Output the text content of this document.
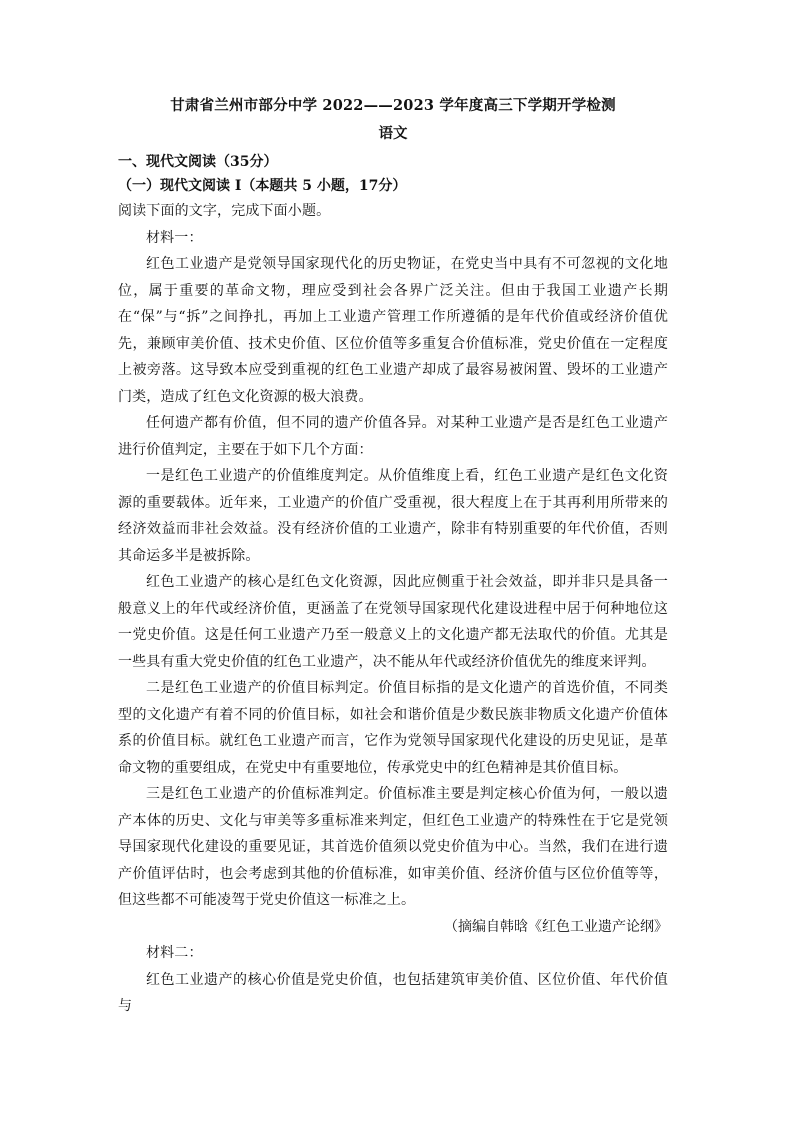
甘肃省兰州市部分中学 2022——2023 学年度高三下学期开学检测

语文

一、现代文阅读（35分）

（一）现代文阅读 I（本题共 5 小题，17分）

阅读下面的文字，完成下面小题。

材料一：

红色工业遗产是党领导国家现代化的历史物证，在党史当中具有不可忽视的文化地位，属于重要的革命文物，理应受到社会各界广泛关注。但由于我国工业遗产长期在“保”与“拆”之间挣扎，再加上工业遗产管理工作所遵循的是年代价值或经济价值优先，兼顾审美价值、技术史价值、区位价值等多重复合价值标准，党史价值在一定程度上被旁落。这导致本应受到重视的红色工业遗产却成了最容易被闲置、毁坏的工业遗产门类，造成了红色文化资源的极大浪费。

任何遗产都有价值，但不同的遗产价值各异。对某种工业遗产是否是红色工业遗产进行价值判定，主要在于如下几个方面：

一是红色工业遗产的价值维度判定。从价值维度上看，红色工业遗产是红色文化资源的重要载体。近年来，工业遗产的价值广受重视，很大程度上在于其再利用所带来的经济效益而非社会效益。没有经济价值的工业遗产，除非有特别重要的年代价值，否则其命运多半是被拆除。

红色工业遗产的核心是红色文化资源，因此应侧重于社会效益，即并非只是具备一般意义上的年代或经济价值，更涵盖了在党领导国家现代化建设进程中居于何种地位这一党史价值。这是任何工业遗产乃至一般意义上的文化遗产都无法取代的价值。尤其是一些具有重大党史价值的红色工业遗产，决不能从年代或经济价值优先的维度来评判。

二是红色工业遗产的价值目标判定。价值目标指的是文化遗产的首选价值，不同类型的文化遗产有着不同的价值目标，如社会和谐价值是少数民族非物质文化遗产价值体系的价值目标。就红色工业遗产而言，它作为党领导国家现代化建设的历史见证，是革命文物的重要组成，在党史中有重要地位，传承党史中的红色精神是其价值目标。

三是红色工业遗产的价值标准判定。价值标准主要是判定核心价值为何，一般以遗产本体的历史、文化与审美等多重标准来判定，但红色工业遗产的特殊性在于它是党领导国家现代化建设的重要见证，其首选价值须以党史价值为中心。当然，我们在进行遗产价值评估时，也会考虑到其他的价值标准，如审美价值、经济价值与区位价值等等，但这些都不可能凌驾于党史价值这一标准之上。

（摘编自韩晗《红色工业遗产论纲》

材料二：

红色工业遗产的核心价值是党史价值，也包括建筑审美价值、区位价值、年代价值与
